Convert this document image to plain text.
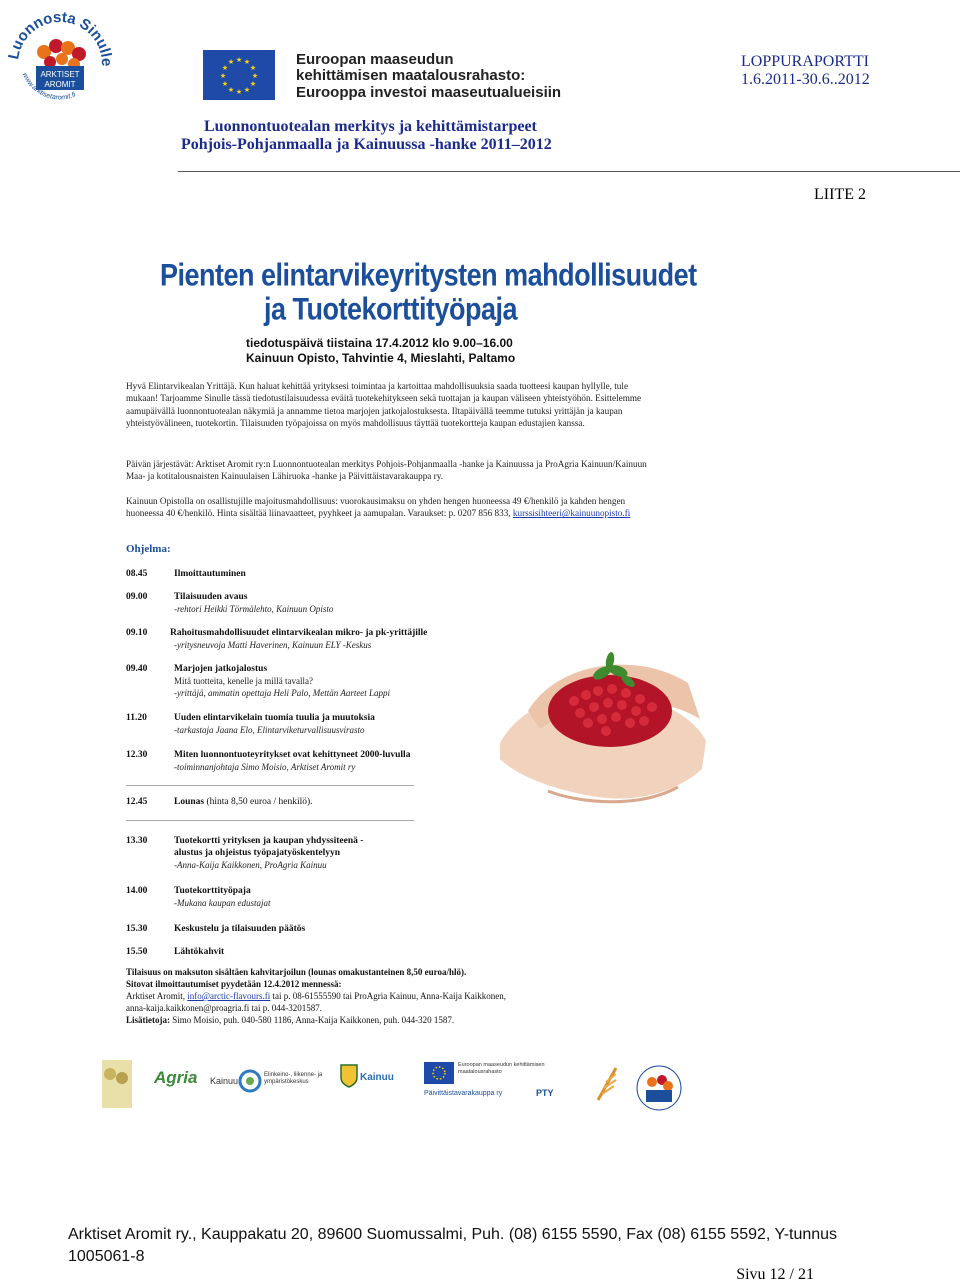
Luonnosta Sinulle
ARKTISET
AROMIT
www.arktisetaromit.fi
★ ★
★
★
★
★
★
★
★
★
★
★	Euroopan maaseudun
kehittämisen maatalousrahasto:
Eurooppa investoi maaseutualueisiin
LOPPURAPORTTI
1.6.2011-30.6..2012
Luonnontuotealan merkitys ja kehittämistarpeet
Pohjois-Pohjanmaalla ja Kainuussa -hanke 2011–2012
LIITE 2
Pienten elintarvikeyritysten mahdollisuudet
ja Tuotekorttityöpaja
tiedotuspäivä tiistaina 17.4.2012 klo 9.00–16.00
Kainuun Opisto, Tahvintie 4, Mieslahti, Paltamo
Hyvä Elintarvikealan Yrittäjä. Kun haluat kehittää yrityksesi toimintaa ja kartoittaa mahdollisuuksia saada tuotteesi kaupan hyllylle, tule mukaan! Tarjoamme Sinulle tässä tiedotustilaisuudessa eväitä tuotekehitykseen sekä tuottajan ja kaupan väliseen yhteistyöhön. Esittelemme aamupäivällä luonnontuotealan näkymiä ja annamme tietoa marjojen jatkojalostuksesta. Iltapäivällä teemme tutuksi yrittäjän ja kaupan yhteistyövälineen, tuotekortin. Tilaisuuden työpajoissa on myös mahdollisuus täyttää tuotekortteja kaupan edustajien kanssa.
Päivän järjestävät: Arktiset Aromit ry:n Luonnontuotealan merkitys Pohjois-Pohjanmaalla -hanke ja Kainuussa ja ProAgria Kainuun/Kainuun Maa- ja kotitalousnaisten Kainuulaisen Lähiruoka -hanke ja Päivittäistavarakauppa ry.
Kainuun Opistolla on osallistujille majoitusmahdollisuus: vuorokausimaksu on yhden hengen huoneessa 49 €/henkilö ja kahden hengen huoneessa 40 €/henkilö. Hinta sisältää liinavaatteet, pyyhkeet ja aamupalan. Varaukset: p. 0207 856 833, kurssisihteeri@kainuunopisto.fi
Ohjelma:
08.45	Ilmoittautuminen
09.00	Tilaisuuden avaus
-rehtori Heikki Törmälehto, Kainuun Opisto
09.10 Rahoitusmahdollisuudet elintarvikealan mikro- ja pk-yrittäjille
-yritysneuvoja Matti Haverinen, Kainuun ELY -Keskus
09.40	Marjojen jatkojalostus
Mitä tuotteita, kenelle ja millä tavalla?
-yrittäjä, ammatin opettaja Heli Palo, Mettän Aarteet Lappi
11.20	Uuden elintarvikelain tuomia tuulia ja muutoksia
-tarkastaja Jaana Elo, Elintarviketurvallisuusvirasto
12.30	Miten luonnontuoteyritykset ovat kehittyneet 2000-luvulla
-toiminnanjohtaja Simo Moisio, Arktiset Aromit ry
12.45	Lounas (hinta 8,50 euroa / henkilö).
13.30	Tuotekortti yrityksen ja kaupan yhdyssiteenä -
alustus ja ohjeistus työpajatyöskentelyyn
-Anna-Kaija Kaikkonen, ProAgria Kainuu
14.00	Tuotekorttityöpaja
-Mukana kaupan edustajat
15.30	Keskustelu ja tilaisuuden päätös
15.50	Lähtökahvit
Tilaisuus on maksuton sisältäen kahvitarjoilun (lounas omakustanteinen 8,50 euroa/hlö).
Sitovat ilmoittautumiset pyydetään 12.4.2012 mennessä:
Arktiset Aromit, info@arctic-flavours.fi tai p. 08-61555590 tai ProAgria Kainuu, Anna-Kaija Kaikkonen,
anna-kaija.kaikkonen@proagria.fi tai p. 044-3201587.
Lisätietoja: Simo Moisio, puh. 040-580 1186, Anna-Kaija Kaikkonen, puh. 044-320 1587.
Agria Kainuu
Elinkeino-, liikenne- ja ympäristökeskus	Kainuu
Euroopan maaseudun kehittämisen maatalousrahasto
Päivittäistavarakauppa ry	PTY
Arktiset Aromit ry., Kauppakatu 20, 89600 Suomussalmi, Puh. (08) 6155 5590, Fax (08) 6155 5592, Y-tunnus
1005061-8
Sivu 12 / 21
